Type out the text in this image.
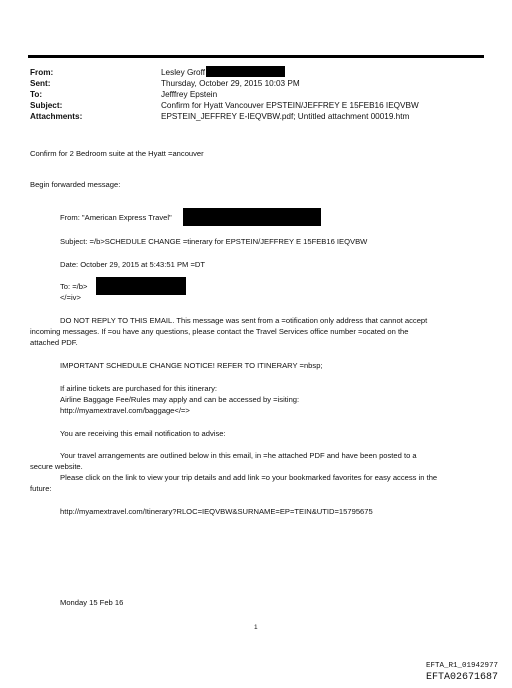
From:
Sent:
To:
Subject:
Attachments:
Lesley Groff
Thursday, October 29, 2015 10:03 PM
Jefffrey Epstein
Confirm for Hyatt Vancouver EPSTEIN/JEFFREY E 15FEB16 IEQVBW
EPSTEIN_JEFFREY E-IEQVBW.pdf; Untitled attachment 00019.htm
Confirm for 2 Bedroom suite at the Hyatt =ancouver
Begin forwarded message:
From: "American Express Travel"
Subject: =/b>SCHEDULE CHANGE =tinerary for EPSTEIN/JEFFREY E 15FEB16 IEQVBW
Date: October 29, 2015 at 5:43:51 PM =DT
To: =/b>
</=iv>
DO NOT REPLY TO THIS EMAIL. This message was sent from a =otification only address that cannot accept
incoming messages. If =ou have any questions, please contact the Travel Services office number =ocated on the
attached PDF.
IMPORTANT SCHEDULE CHANGE NOTICE! REFER TO ITINERARY =nbsp;
If airline tickets are purchased for this itinerary:
Airline Baggage Fee/Rules may apply and can be accessed by =isiting:
http://myamextravel.com/baggage</=>
You are receiving this email notification to advise:
Your travel arrangements are outlined below in this email, in =he attached PDF and have been posted to a
secure website.
Please click on the link to view your trip details and add link =o your bookmarked favorites for easy access in the
future:
http://myamextravel.com/Itinerary?RLOC=IEQVBW&SURNAME=EP=TEIN&UTID=15795675
Monday 15 Feb 16
1
EFTA_R1_01942977
EFTA02671687
